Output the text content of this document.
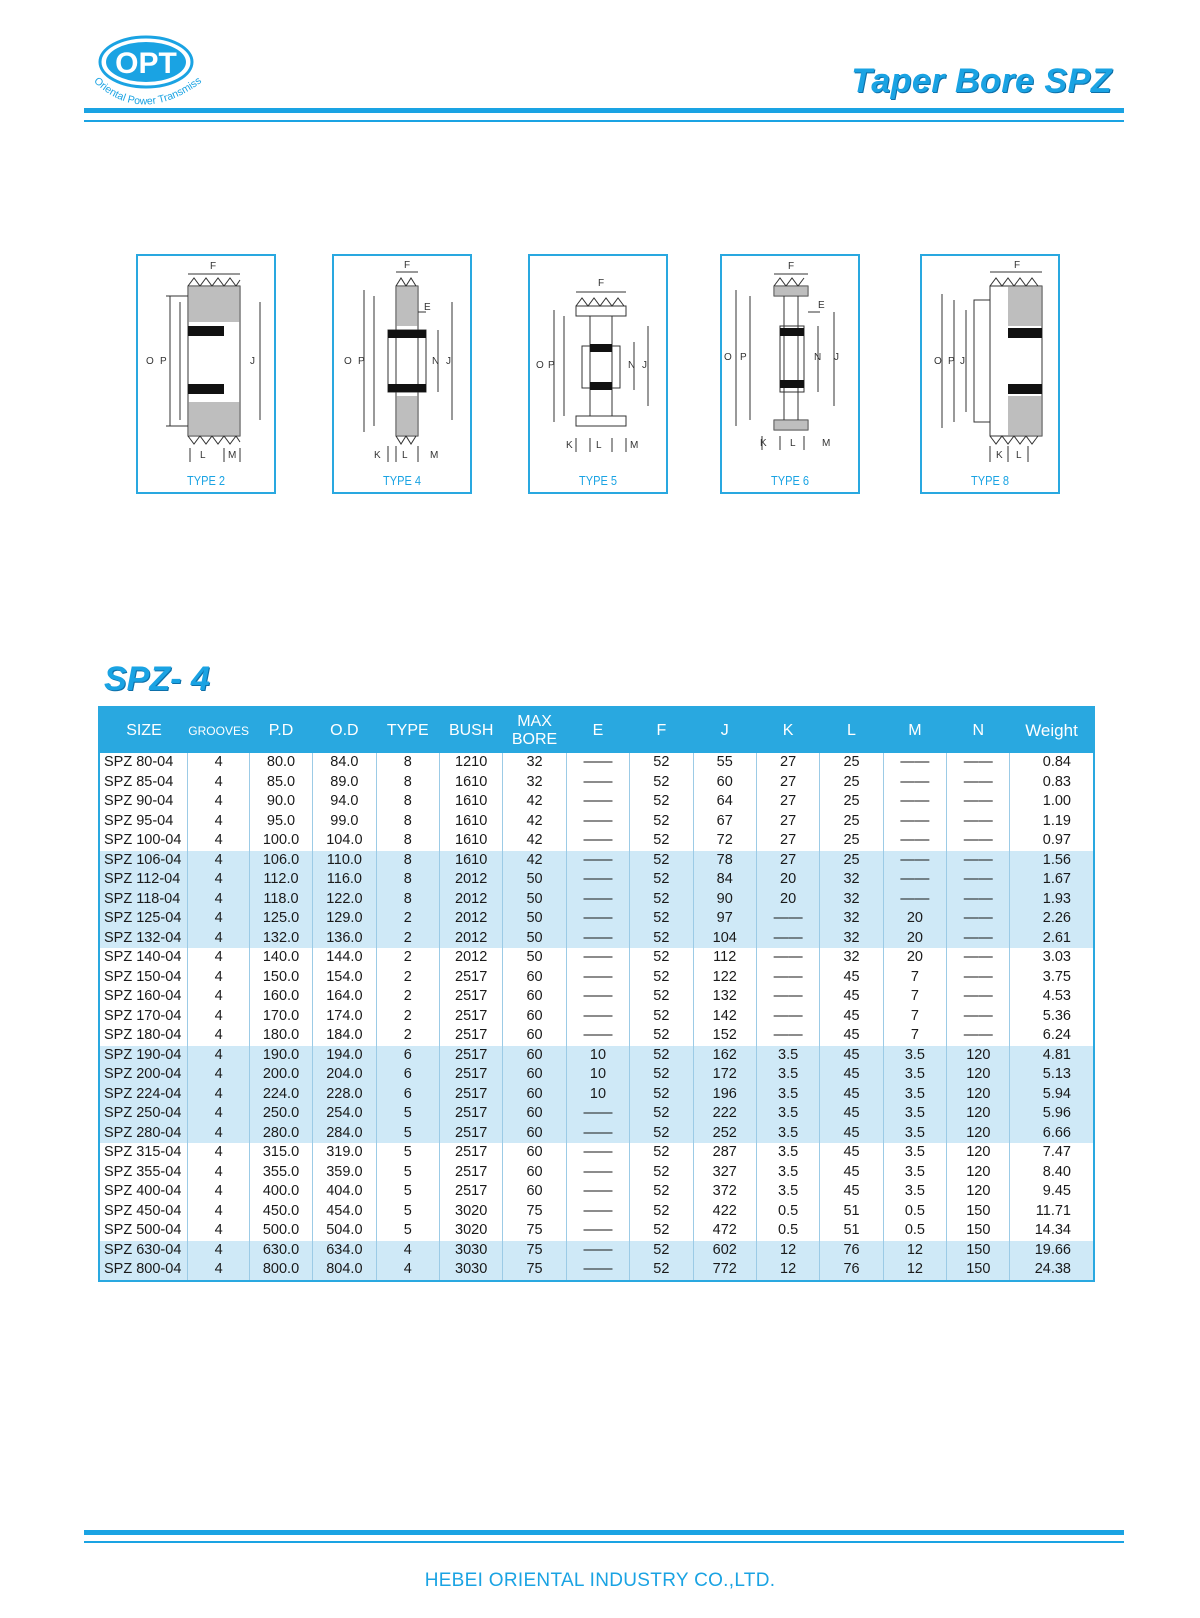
OPT
Oriental Power Transmiss	Taper Bore SPZ
F
O P	J
L M
TYPE 2
F
E
O P	N J
K L M
TYPE 4
F
O P	N J
K L	M
TYPE 5
F
E
O P	N J
K L	M
TYPE 6
F
O P J
K L
TYPE 8
SPZ- 4
SIZE	GROOVES	P.D	O.D	TYPE	BUSH	MAX BORE	E	F	J	K	L	M	N	Weight
SPZ 80-04	4	80.0	84.0	8	1210	32	——	52	55	27	25	——	——	0.84
SPZ 85-04	4	85.0	89.0	8	1610	32	——	52	60	27	25	——	——	0.83
SPZ 90-04	4	90.0	94.0	8	1610	42	——	52	64	27	25	——	——	1.00
SPZ 95-04	4	95.0	99.0	8	1610	42	——	52	67	27	25	——	——	1.19
SPZ 100-04	4	100.0	104.0	8	1610	42	——	52	72	27	25	——	——	0.97
SPZ 106-04	4	106.0	110.0	8	1610	42	——	52	78	27	25	——	——	1.56
SPZ 112-04	4	112.0	116.0	8	2012	50	——	52	84	20	32	——	——	1.67
SPZ 118-04	4	118.0	122.0	8	2012	50	——	52	90	20	32	——	——	1.93
SPZ 125-04	4	125.0	129.0	2	2012	50	——	52	97	——	32	20	——	2.26
SPZ 132-04	4	132.0	136.0	2	2012	50	——	52	104	——	32	20	——	2.61
SPZ 140-04	4	140.0	144.0	2	2012	50	——	52	112	——	32	20	——	3.03
SPZ 150-04	4	150.0	154.0	2	2517	60	——	52	122	——	45	7	——	3.75
SPZ 160-04	4	160.0	164.0	2	2517	60	——	52	132	——	45	7	——	4.53
SPZ 170-04	4	170.0	174.0	2	2517	60	——	52	142	——	45	7	——	5.36
SPZ 180-04	4	180.0	184.0	2	2517	60	——	52	152	——	45	7	——	6.24
SPZ 190-04	4	190.0	194.0	6	2517	60	10	52	162	3.5	45	3.5	120	4.81
SPZ 200-04	4	200.0	204.0	6	2517	60	10	52	172	3.5	45	3.5	120	5.13
SPZ 224-04	4	224.0	228.0	6	2517	60	10	52	196	3.5	45	3.5	120	5.94
SPZ 250-04	4	250.0	254.0	5	2517	60	——	52	222	3.5	45	3.5	120	5.96
SPZ 280-04	4	280.0	284.0	5	2517	60	——	52	252	3.5	45	3.5	120	6.66
SPZ 315-04	4	315.0	319.0	5	2517	60	——	52	287	3.5	45	3.5	120	7.47
SPZ 355-04	4	355.0	359.0	5	2517	60	——	52	327	3.5	45	3.5	120	8.40
SPZ 400-04	4	400.0	404.0	5	2517	60	——	52	372	3.5	45	3.5	120	9.45
SPZ 450-04	4	450.0	454.0	5	3020	75	——	52	422	0.5	51	0.5	150	11.71
SPZ 500-04	4	500.0	504.0	5	3020	75	——	52	472	0.5	51	0.5	150	14.34
SPZ 630-04	4	630.0	634.0	4	3030	75	——	52	602	12	76	12	150	19.66
SPZ 800-04	4	800.0	804.0	4	3030	75	——	52	772	12	76	12	150	24.38
HEBEI ORIENTAL INDUSTRY CO.,LTD.
